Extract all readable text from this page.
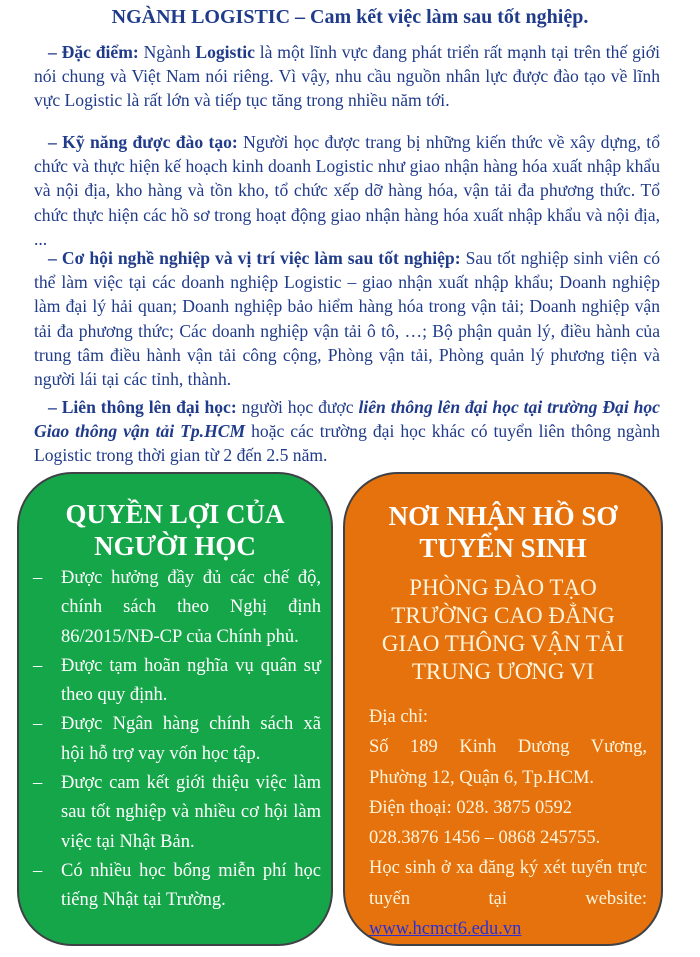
NGÀNH LOGISTIC – Cam kết việc làm sau tốt nghiệp.
– Đặc điểm: Ngành Logistic là một lĩnh vực đang phát triển rất mạnh tại trên thế giới nói chung và Việt Nam nói riêng. Vì vậy, nhu cầu nguồn nhân lực được đào tạo về lĩnh vực Logistic là rất lớn và tiếp tục tăng trong nhiều năm tới.
– Kỹ năng được đào tạo: Người học được trang bị những kiến thức về xây dựng, tổ chức và thực hiện kế hoạch kinh doanh Logistic như giao nhận hàng hóa xuất nhập khẩu và nội địa, kho hàng và tồn kho, tổ chức xếp dỡ hàng hóa, vận tải đa phương thức. Tổ chức thực hiện các hồ sơ trong hoạt động giao nhận hàng hóa xuất nhập khẩu và nội địa, ...
– Cơ hội nghề nghiệp và vị trí việc làm sau tốt nghiệp: Sau tốt nghiệp sinh viên có thể làm việc tại các doanh nghiệp Logistic – giao nhận xuất nhập khẩu; Doanh nghiệp làm đại lý hải quan; Doanh nghiệp bảo hiểm hàng hóa trong vận tải; Doanh nghiệp vận tải đa phương thức; Các doanh nghiệp vận tải ô tô, …; Bộ phận quản lý, điều hành của trung tâm điều hành vận tải công cộng, Phòng vận tải, Phòng quản lý phương tiện và người lái tại các tỉnh, thành.
– Liên thông lên đại học: người học được liên thông lên đại học tại trường Đại học Giao thông vận tải Tp.HCM hoặc các trường đại học khác có tuyển liên thông ngành Logistic trong thời gian từ 2 đến 2.5 năm.
QUYỀN LỢI CỦA
NGƯỜI HỌC
– Được hưởng đầy đủ các chế độ, chính sách theo Nghị định 86/2015/NĐ-CP của Chính phủ.
– Được tạm hoãn nghĩa vụ quân sự theo quy định.
– Được Ngân hàng chính sách xã hội hỗ trợ vay vốn học tập.
– Được cam kết giới thiệu việc làm sau tốt nghiệp và nhiều cơ hội làm việc tại Nhật Bản.
– Có nhiều học bổng miễn phí học tiếng Nhật tại Trường.
NƠI NHẬN HỒ SƠ
TUYỂN SINH
PHÒNG ĐÀO TẠO
TRƯỜNG CAO ĐẲNG
GIAO THÔNG VẬN TẢI
TRUNG ƯƠNG VI
Địa chỉ:
Số 189 Kinh Dương Vương,
Phường 12, Quận 6, Tp.HCM.
Điện thoại: 028. 3875 0592
028.3876 1456 – 0868 245755.
Học sinh ở xa đăng ký xét tuyển trực tuyến tại website:
www.hcmct6.edu.vn
